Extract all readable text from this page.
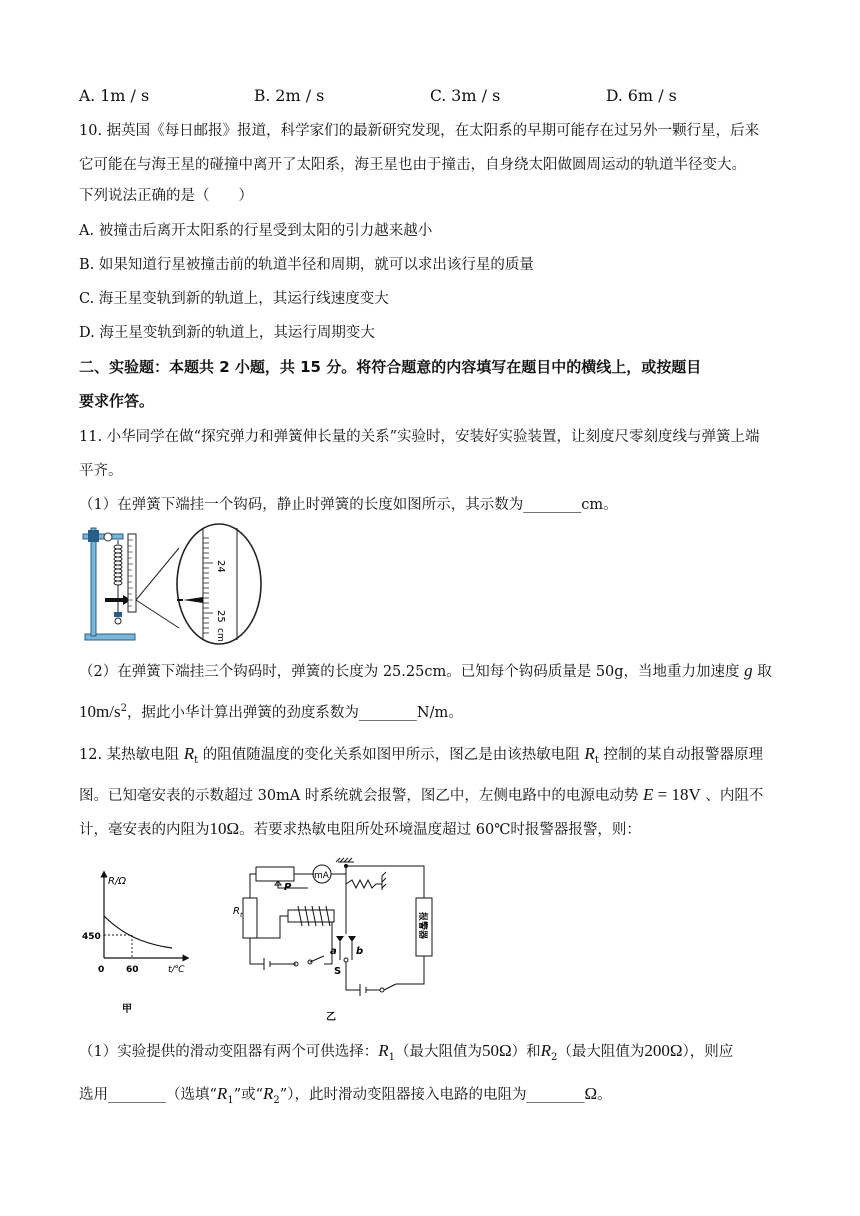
A. 1m / s	B. 2m / s	C. 3m / s	D. 6m / s
10. 据英国《每日邮报》报道，科学家们的最新研究发现，在太阳系的早期可能存在过另外一颗行星，后来
它可能在与海王星的碰撞中离开了太阳系，海王星也由于撞击，自身绕太阳做圆周运动的轨道半径变大。
下列说法正确的是（　　）
A. 被撞击后离开太阳系的行星受到太阳的引力越来越小
B. 如果知道行星被撞击前的轨道半径和周期，就可以求出该行星的质量
C. 海王星变轨到新的轨道上，其运行线速度变大
D. 海王星变轨到新的轨道上，其运行周期变大
二、实验题：本题共 2 小题，共 15 分。将符合题意的内容填写在题目中的横线上，或按题目
要求作答。
11. 小华同学在做“探究弹力和弹簧伸长量的关系”实验时，安装好实验装置，让刻度尺零刻度线与弹簧上端
平齐。
（1）在弹簧下端挂一个钩码，静止时弹簧的长度如图所示，其示数为________cm。
24
25
cm
（2）在弹簧下端挂三个钩码时，弹簧的长度为 25.25cm。已知每个钩码质量是 50g，当地重力加速度 g 取
$10m/s^2$，据此小华计算出弹簧的劲度系数为________N/m。
12. 某热敏电阻 $R_t$ 的阻值随温度的变化关系如图甲所示，图乙是由该热敏电阻 $R_t$ 控制的某自动报警器原理
图。已知毫安表的示数超过 30mA 时系统就会报警，图乙中，左侧电路中的电源电动势 E = 18V 、内阻不
计，毫安表的内阻为10Ω。若要求热敏电阻所处环境温度超过 60℃时报警器报警，则：
R/Ω
t/℃
450
0 60
甲
mA
P
$R_t$
a b
S
报警器
乙
（1）实验提供的滑动变阻器有两个可供选择：$R_1$（最大阻值为50Ω）和$R_2$（最大阻值为200Ω），则应
选用________（选填“$R_1$”或“$R_2$”），此时滑动变阻器接入电路的电阻为________Ω。
